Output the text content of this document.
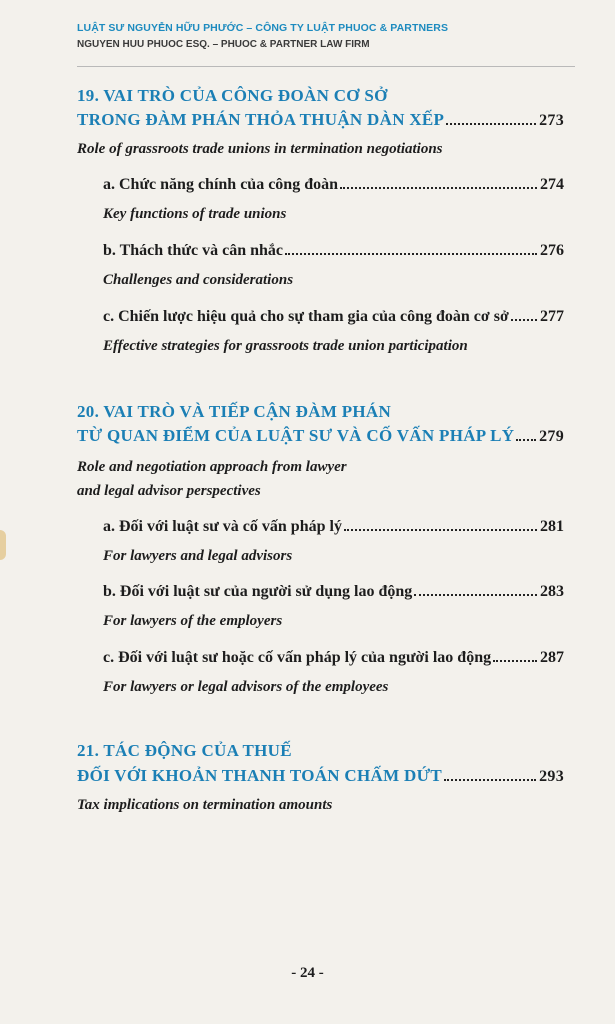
LUẬT SƯ NGUYỄN HỮU PHƯỚC – CÔNG TY LUẬT PHUOC & PARTNERS
NGUYEN HUU PHUOC ESQ. – PHUOC & PARTNER LAW FIRM
19. VAI TRÒ CỦA CÔNG ĐOÀN CƠ SỞ
TRONG ĐÀM PHÁN THỎA THUẬN DÀN XẾP	273
Role of grassroots trade unions in termination negotiations
a. Chức năng chính của công đoàn	274
Key functions of trade unions
b. Thách thức và cân nhắc	276
Challenges and considerations
c. Chiến lược hiệu quả cho sự tham gia của công đoàn cơ sở 277
Effective strategies for grassroots trade union participation
20. VAI TRÒ VÀ TIẾP CẬN ĐÀM PHÁN
TỪ QUAN ĐIỂM CỦA LUẬT SƯ VÀ CỐ VẤN PHÁP LÝ 279
Role and negotiation approach from lawyer
and legal advisor perspectives
a. Đối với luật sư và cố vấn pháp lý	281
For lawyers and legal advisors
b. Đối với luật sư của người sử dụng lao động	283
For lawyers of the employers
c. Đối với luật sư hoặc cố vấn pháp lý của người lao động	287
For lawyers or legal advisors of the employees
21. TÁC ĐỘNG CỦA THUẾ
ĐỐI VỚI KHOẢN THANH TOÁN CHẤM DỨT	293
Tax implications on termination amounts
- 24 -
